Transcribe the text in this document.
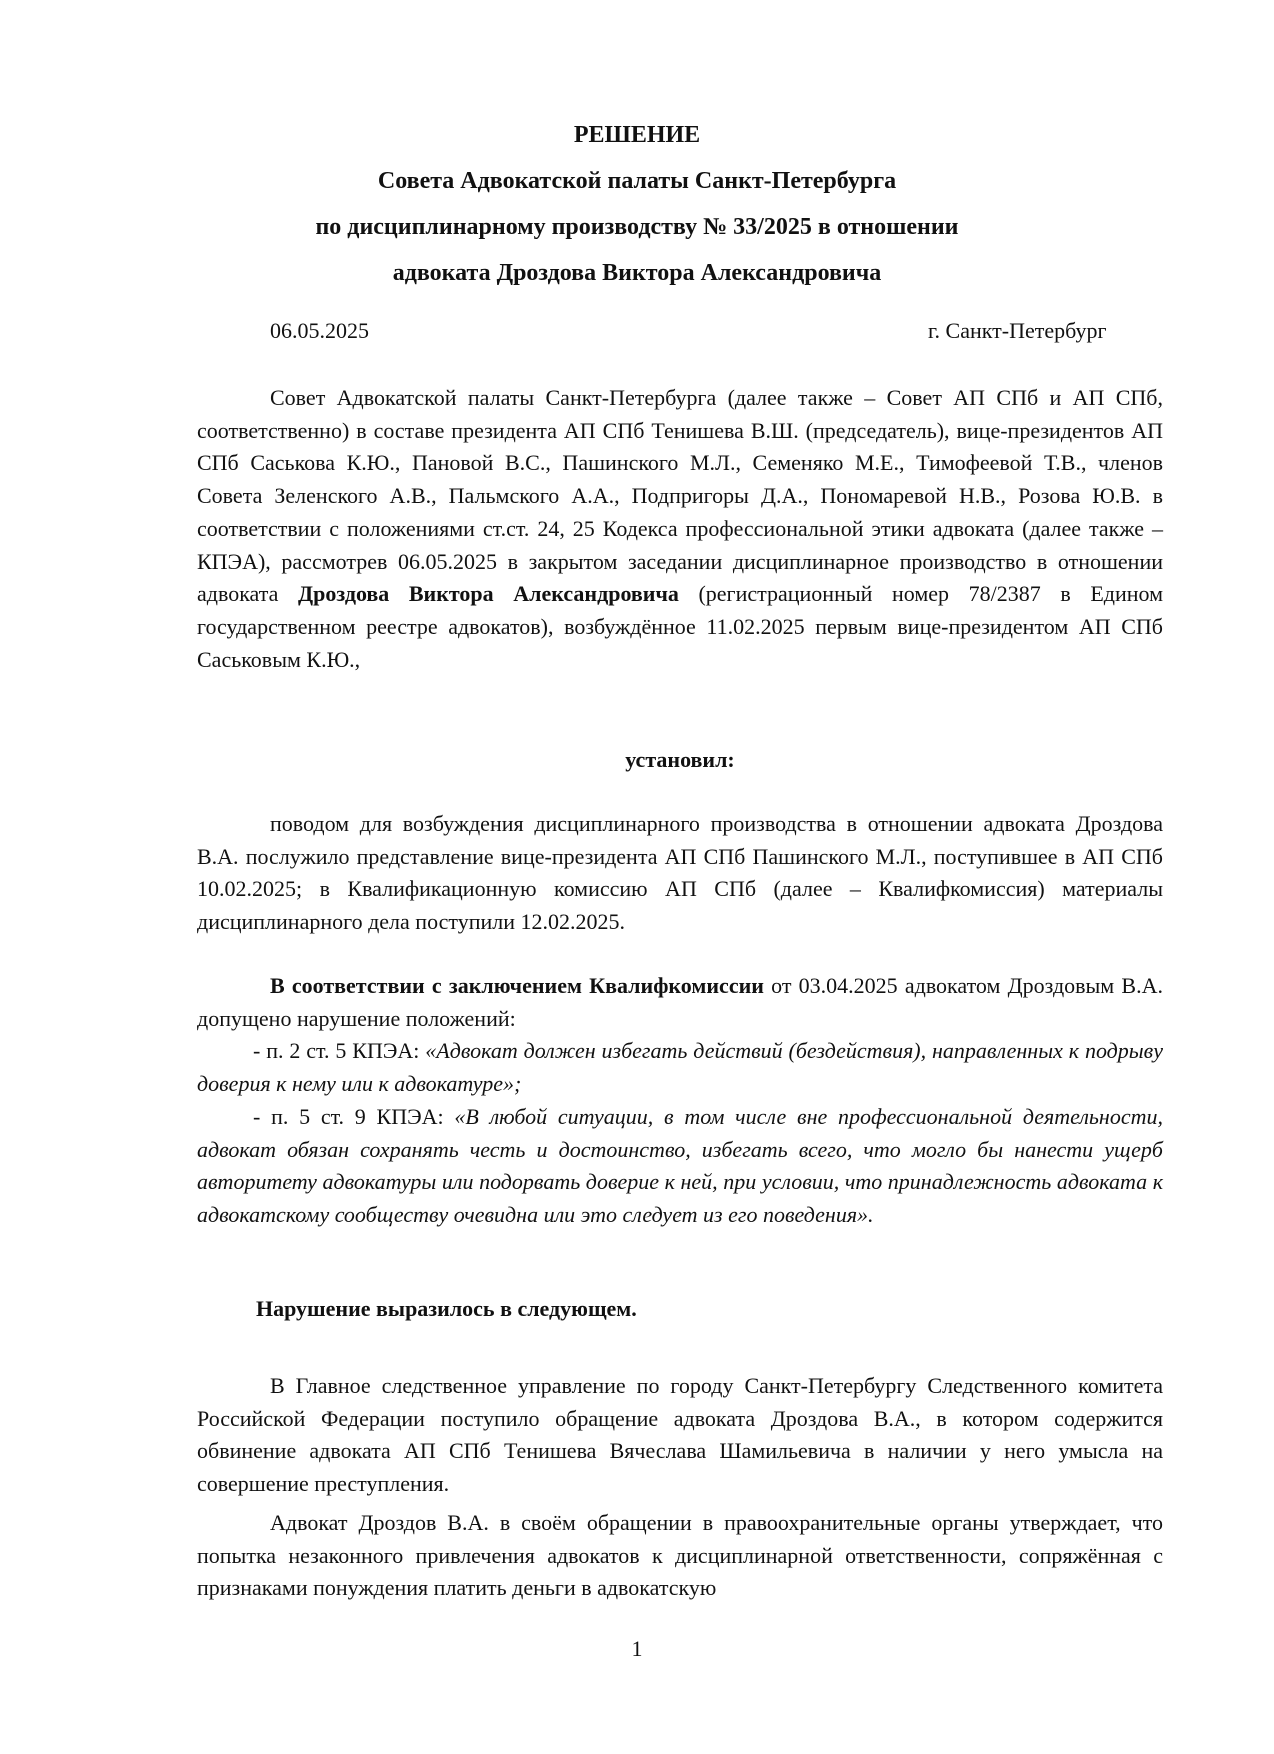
РЕШЕНИЕ
Совета Адвокатской палаты Санкт-Петербурга
по дисциплинарному производству № 33/2025 в отношении
адвоката Дроздова Виктора Александровича
06.05.2025	г. Санкт-Петербург

Совет Адвокатской палаты Санкт-Петербурга (далее также – Совет АП СПб и АП СПб, соответственно) в составе президента АП СПб Тенишева В.Ш. (председатель), вице-президентов АП СПб Саськова К.Ю., Пановой В.С., Пашинского М.Л., Семеняко М.Е., Тимофеевой Т.В., членов Совета Зеленского А.В., Пальмского А.А., Подпригоры Д.А., Пономаревой Н.В., Розова Ю.В. в соответствии с положениями ст.ст. 24, 25 Кодекса профессиональной этики адвоката (далее также – КПЭА), рассмотрев 06.05.2025 в закрытом заседании дисциплинарное производство в отношении адвоката Дроздова Виктора Александровича (регистрационный номер 78/2387 в Едином государственном реестре адвокатов), возбуждённое 11.02.2025 первым вице-президентом АП СПб Саськовым К.Ю.,

установил:

поводом для возбуждения дисциплинарного производства в отношении адвоката Дроздова В.А. послужило представление вице-президента АП СПб Пашинского М.Л., поступившее в АП СПб 10.02.2025; в Квалификационную комиссию АП СПб (далее – Квалифкомиссия) материалы дисциплинарного дела поступили 12.02.2025.

В соответствии с заключением Квалифкомиссии от 03.04.2025 адвокатом Дроздовым В.А. допущено нарушение положений:

- п. 2 ст. 5 КПЭА: «Адвокат должен избегать действий (бездействия), направленных к подрыву доверия к нему или к адвокатуре»;

- п. 5 ст. 9 КПЭА: «В любой ситуации, в том числе вне профессиональной деятельности, адвокат обязан сохранять честь и достоинство, избегать всего, что могло бы нанести ущерб авторитету адвокатуры или подорвать доверие к ней, при условии, что принадлежность адвоката к адвокатскому сообществу очевидна или это следует из его поведения».

Нарушение выразилось в следующем.

В Главное следственное управление по городу Санкт-Петербургу Следственного комитета Российской Федерации поступило обращение адвоката Дроздова В.А., в котором содержится обвинение адвоката АП СПб Тенишева Вячеслава Шамильевича в наличии у него умысла на совершение преступления.

Адвокат Дроздов В.А. в своём обращении в правоохранительные органы утверждает, что попытка незаконного привлечения адвокатов к дисциплинарной ответственности, сопряжённая с признаками понуждения платить деньги в адвокатскую

1
